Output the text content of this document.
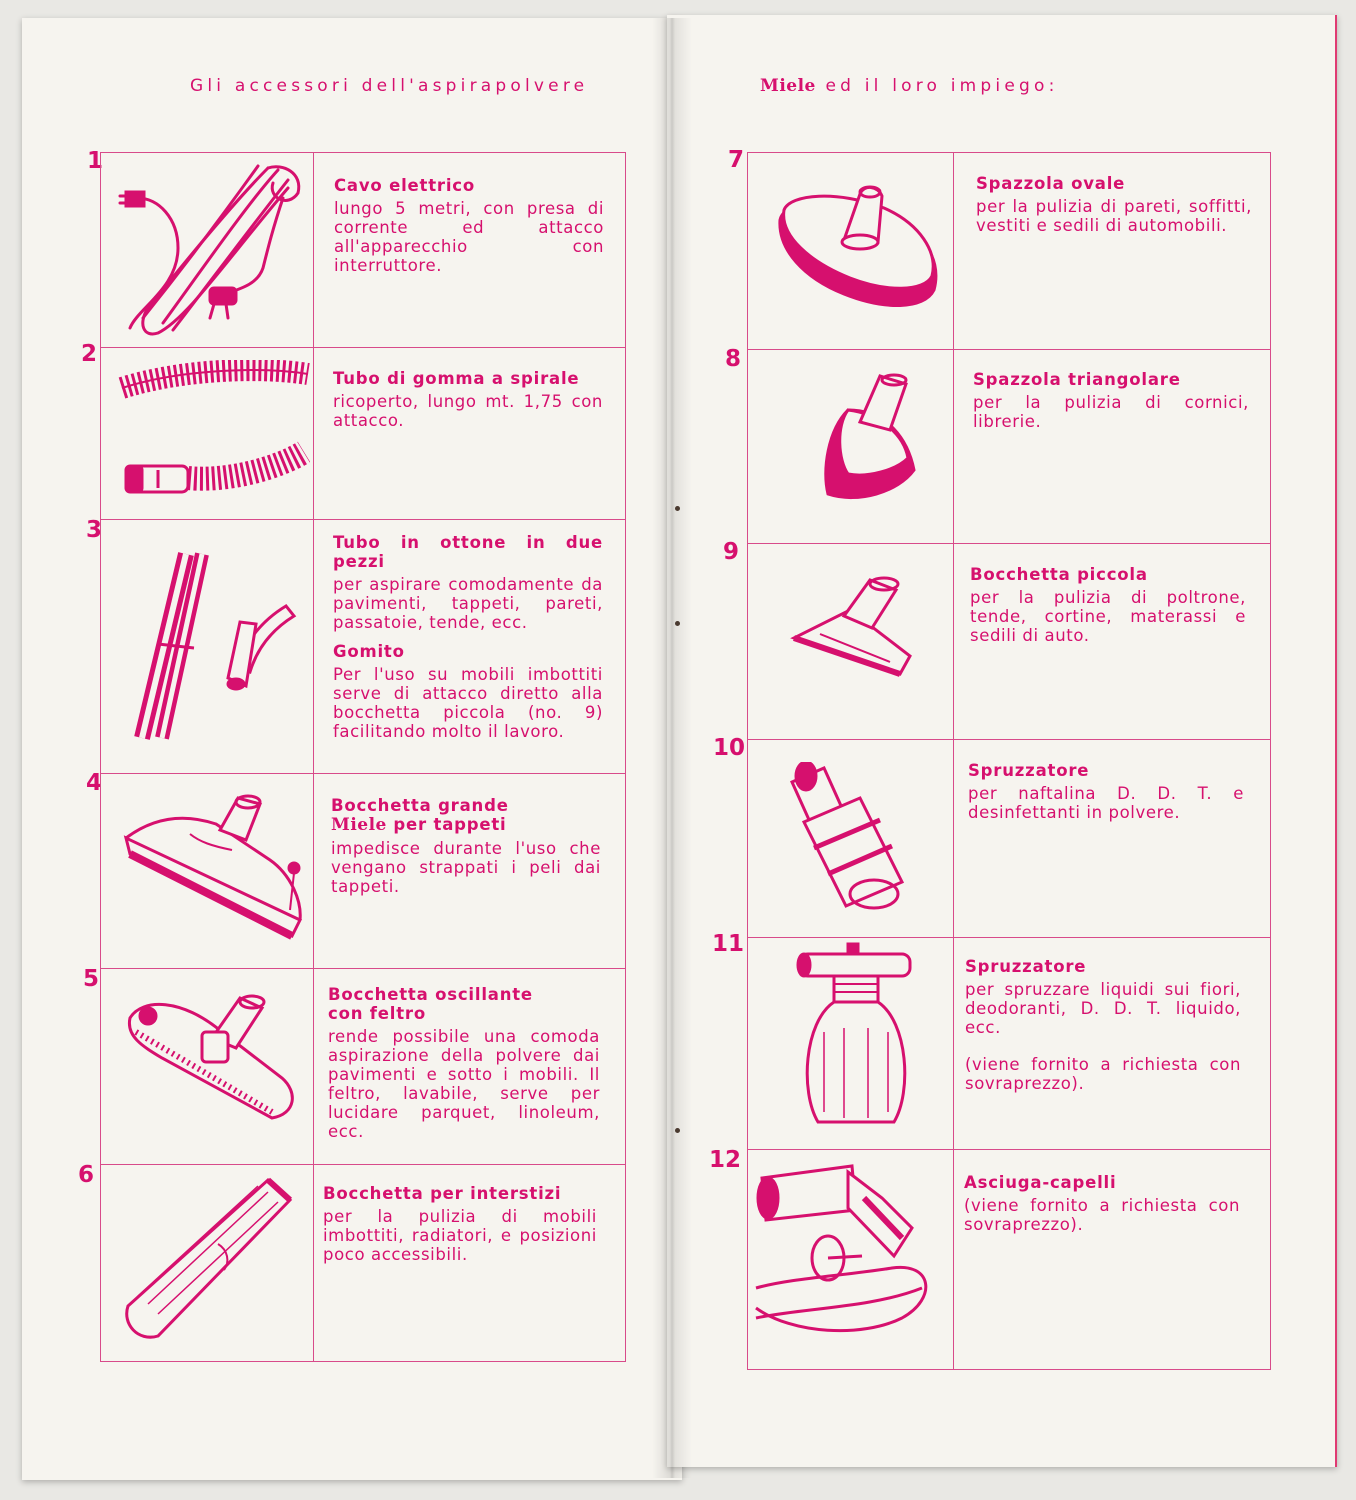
Gli accessori dell'aspirapolvere	Miele ed il loro impiego:
1
2
3
4
5
6
7
8
9
10
11
12
Cavo elettrico
lungo 5 metri, con presa di corrente ed attacco all'apparecchio con interruttore.
Tubo di gomma a spirale
ricoperto, lungo mt. 1,75 con attacco.
Tubo in ottone in due pezzi
per aspirare comodamente da pavimenti, tappeti, pareti, passatoie, tende, ecc.
Gomito
Per l'uso su mobili imbottiti serve di attacco diretto alla bocchetta piccola (no. 9) facilitando molto il lavoro.
Bocchetta grande
Miele per tappeti
impedisce durante l'uso che vengano strappati i peli dai tappeti.
Bocchetta oscillante
con feltro
rende possibile una comoda aspirazione della polvere dai pavimenti e sotto i mobili. Il feltro, lavabile, serve per lucidare parquet, linoleum, ecc.
Bocchetta per interstizi
per la pulizia di mobili imbottiti, radiatori, e posizioni poco accessibili.
Spazzola ovale
per la pulizia di pareti, soffitti, vestiti e sedili di automobili.
Spazzola triangolare
per la pulizia di cornici, librerie.
Bocchetta piccola
per la pulizia di poltrone, tende, cortine, materassi e sedili di auto.
Spruzzatore
per naftalina D. D. T. e desinfettanti in polvere.
Spruzzatore
per spruzzare liquidi sui fiori, deodoranti, D. D. T. liquido, ecc.
(viene fornito a richiesta con sovraprezzo).
Asciuga-capelli
(viene fornito a richiesta con sovraprezzo).
